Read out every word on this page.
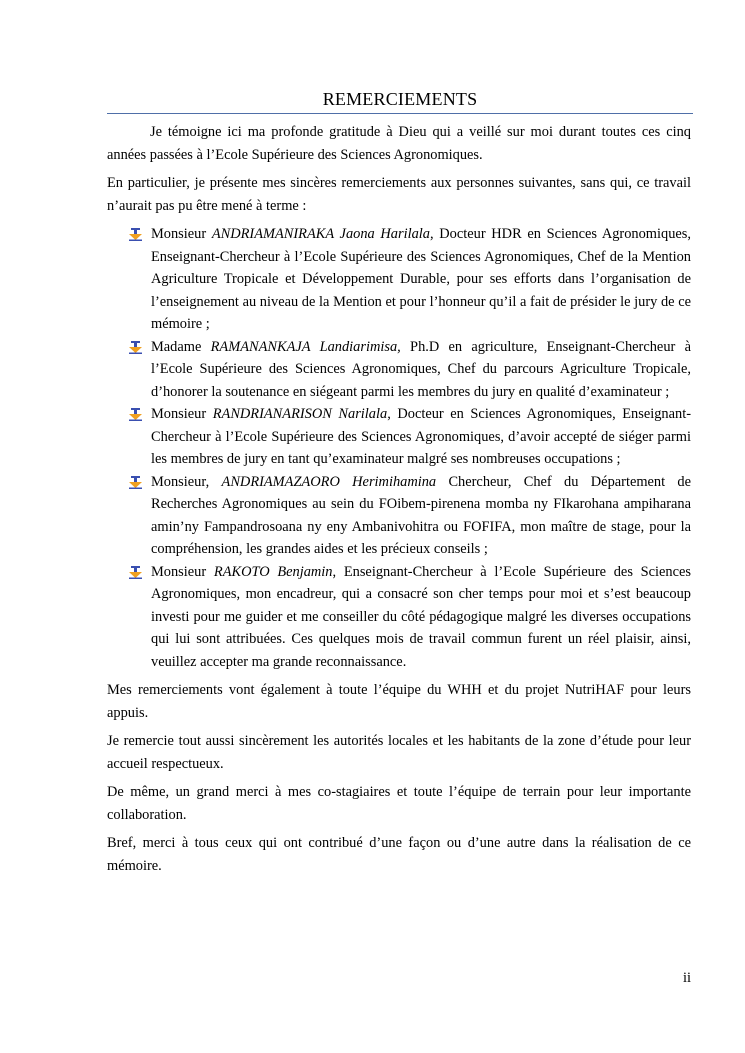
REMERCIEMENTS

Je témoigne ici ma profonde gratitude à Dieu qui a veillé sur moi durant toutes ces cinq années passées à l’Ecole Supérieure des Sciences Agronomiques.

En particulier, je présente mes sincères remerciements aux personnes suivantes, sans qui, ce travail n’aurait pas pu être mené à terme :

Monsieur ANDRIAMANIRAKA Jaona Harilala, Docteur HDR en Sciences Agronomiques, Enseignant-Chercheur à l’Ecole Supérieure des Sciences Agronomiques, Chef de la Mention Agriculture Tropicale et Développement Durable, pour ses efforts dans l’organisation de l’enseignement au niveau de la Mention et pour l’honneur qu’il a fait de présider le jury de ce mémoire ;
Madame RAMANANKAJA Landiarimisa, Ph.D en agriculture, Enseignant-Chercheur à l’Ecole Supérieure des Sciences Agronomiques, Chef du parcours Agriculture Tropicale, d’honorer la soutenance en siégeant parmi les membres du jury en qualité d’examinateur ;
Monsieur RANDRIANARISON Narilala, Docteur en Sciences Agronomiques, Enseignant-Chercheur à l’Ecole Supérieure des Sciences Agronomiques, d’avoir accepté de siéger parmi les membres de jury en tant qu’examinateur malgré ses nombreuses occupations ;
Monsieur, ANDRIAMAZAORO Herimihamina Chercheur, Chef du Département de Recherches Agronomiques au sein du FOibem-pirenena momba ny FIkarohana ampiharana amin’ny Fampandrosoana ny eny Ambanivohitra ou FOFIFA, mon maître de stage, pour la compréhension, les grandes aides et les précieux conseils ;
Monsieur RAKOTO Benjamin, Enseignant-Chercheur à l’Ecole Supérieure des Sciences Agronomiques, mon encadreur, qui a consacré son cher temps pour moi et s’est beaucoup investi pour me guider et me conseiller du côté pédagogique malgré les diverses occupations qui lui sont attribuées. Ces quelques mois de travail commun furent un réel plaisir, ainsi, veuillez accepter ma grande reconnaissance.

Mes remerciements vont également à toute l’équipe du WHH et du projet NutriHAF pour leurs appuis.

Je remercie tout aussi sincèrement les autorités locales et les habitants de la zone d’étude pour leur accueil respectueux.

De même, un grand merci à mes co-stagiaires et toute l’équipe de terrain pour leur importante collaboration.

Bref, merci à tous ceux qui ont contribué d’une façon ou d’une autre dans la réalisation de ce mémoire.

ii
